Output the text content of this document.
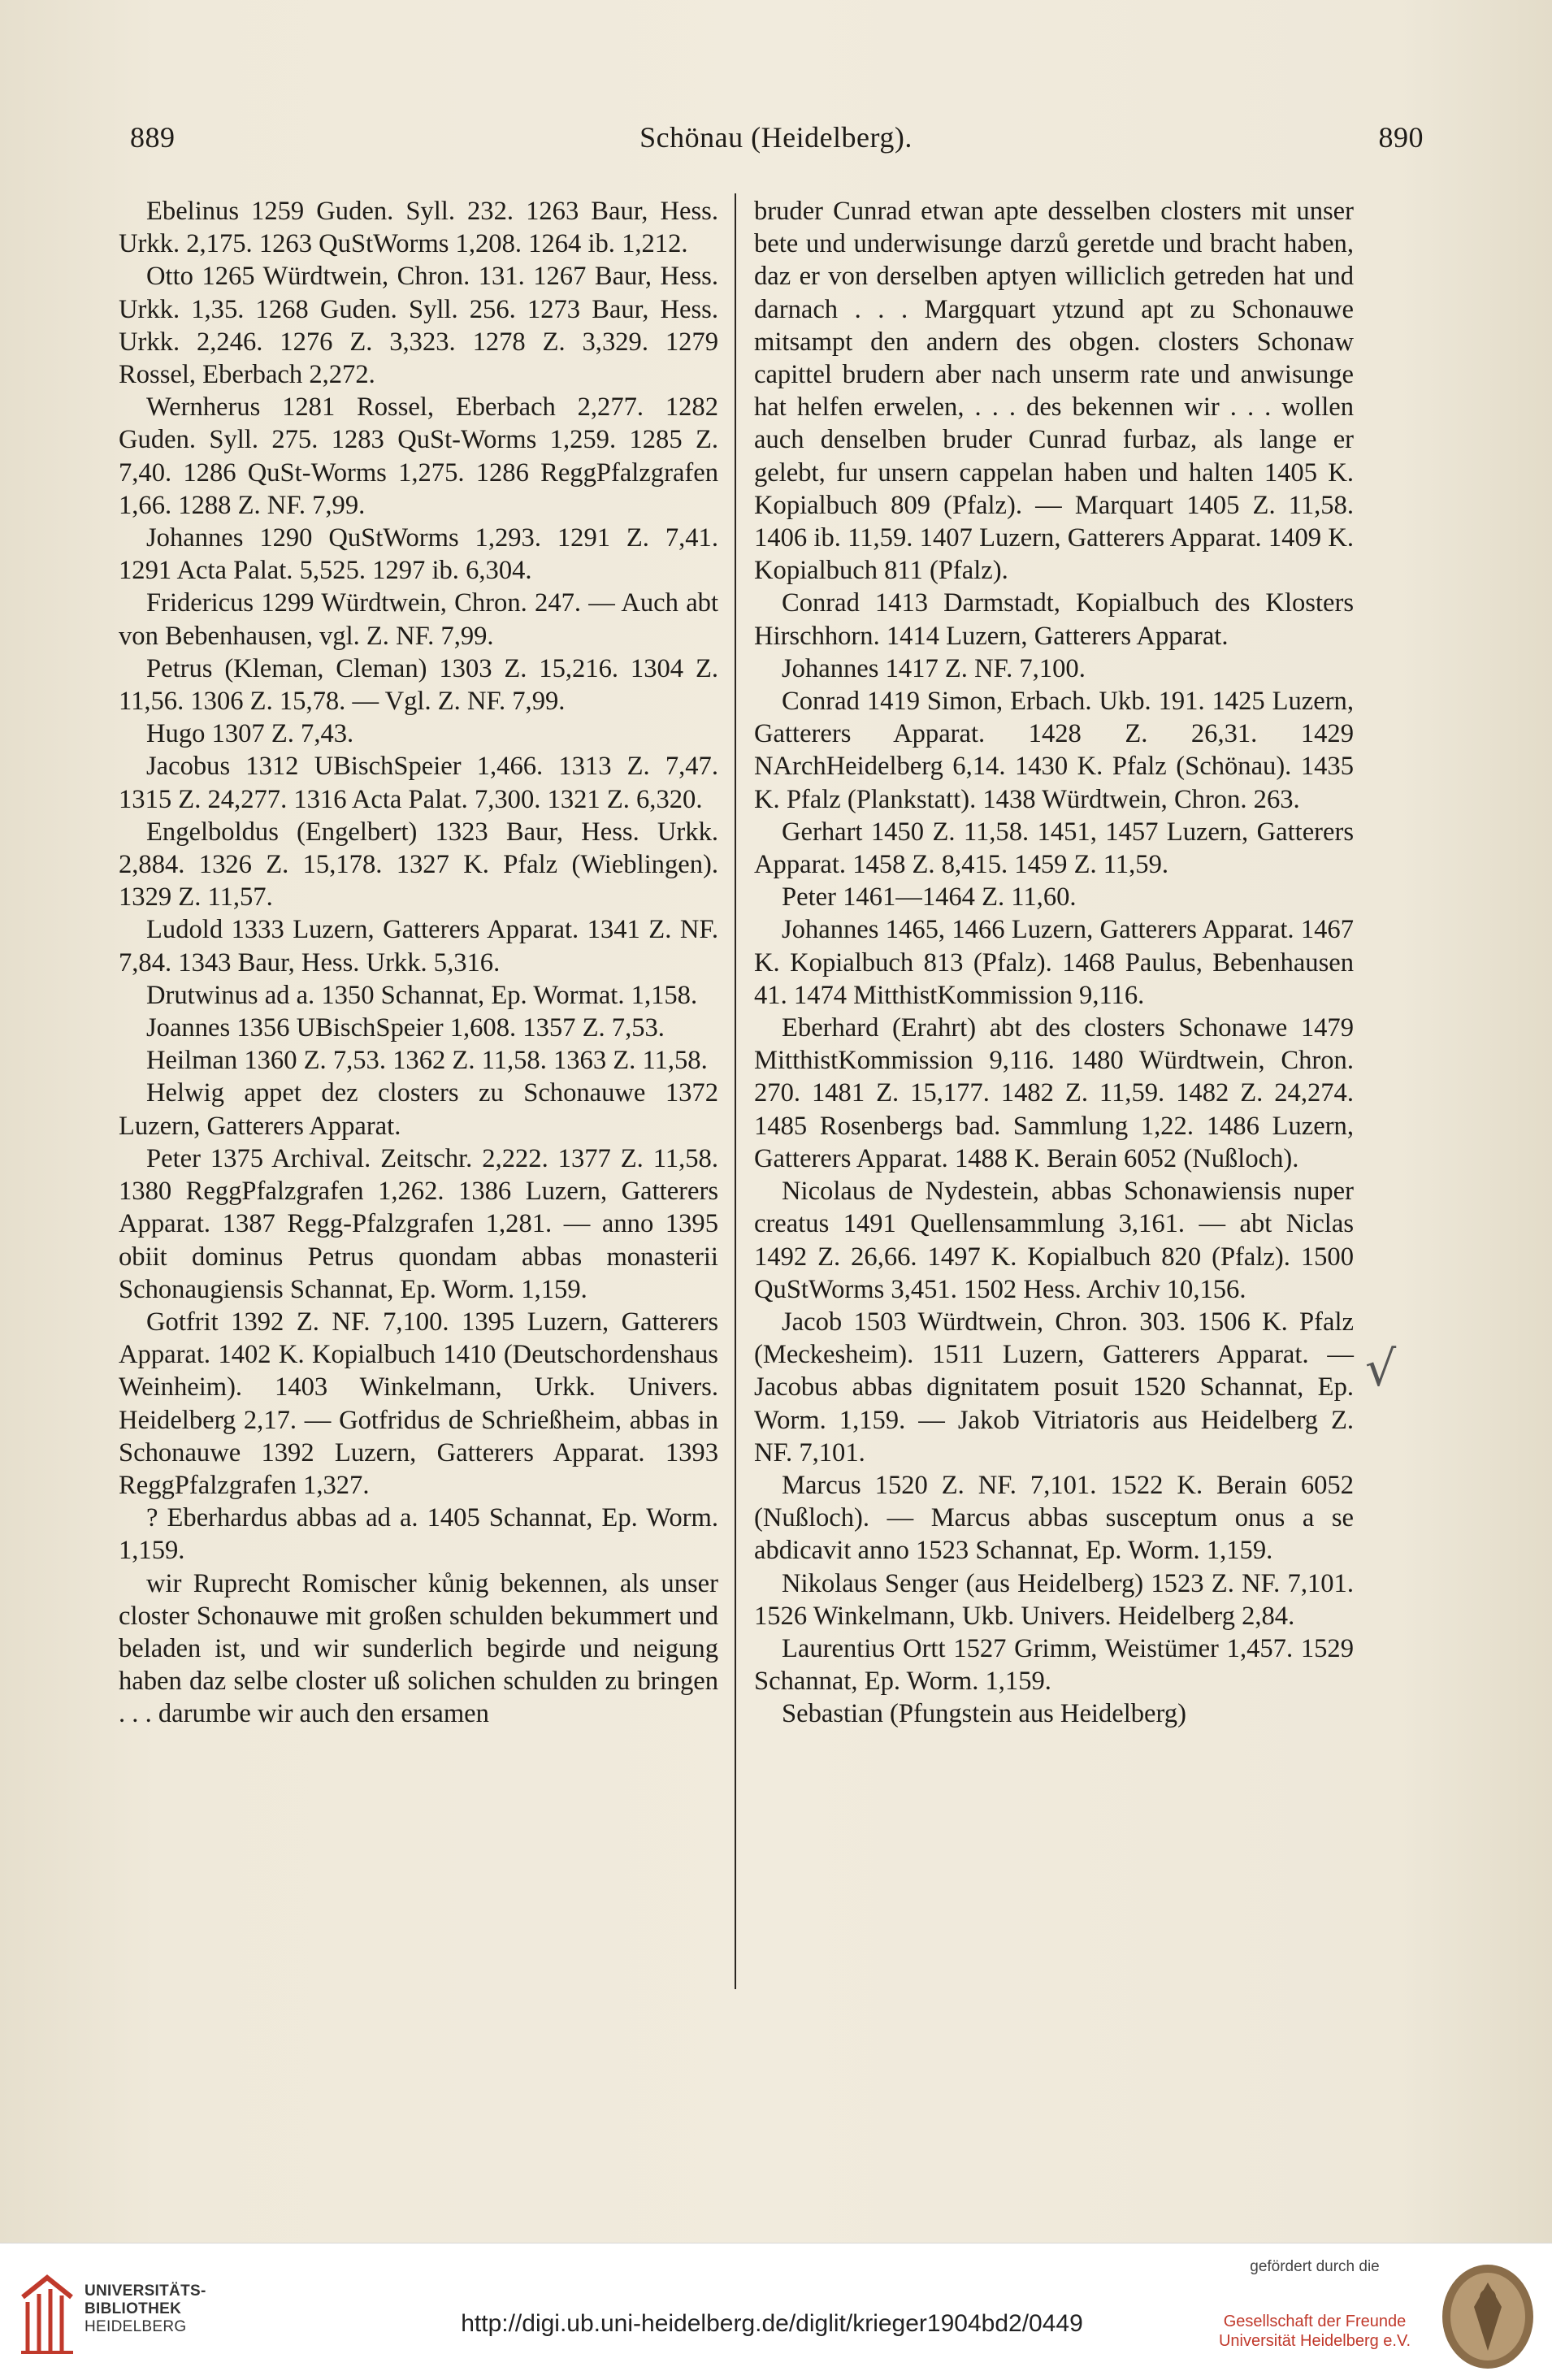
889	Schönau (Heidelberg).	890

Ebelinus 1259 Guden. Syll. 232. 1263 Baur, Hess. Urkk. 2,175. 1263 QuStWorms 1,208. 1264 ib. 1,212.

Otto 1265 Würdtwein, Chron. 131. 1267 Baur, Hess. Urkk. 1,35. 1268 Guden. Syll. 256. 1273 Baur, Hess. Urkk. 2,246. 1276 Z. 3,323. 1278 Z. 3,329. 1279 Rossel, Eberbach 2,272.

Wernherus 1281 Rossel, Eberbach 2,277. 1282 Guden. Syll. 275. 1283 QuSt-Worms 1,259. 1285 Z. 7,40. 1286 QuSt-Worms 1,275. 1286 ReggPfalzgrafen 1,66. 1288 Z. NF. 7,99.

Johannes 1290 QuStWorms 1,293. 1291 Z. 7,41. 1291 Acta Palat. 5,525. 1297 ib. 6,304.

Fridericus 1299 Würdtwein, Chron. 247. — Auch abt von Bebenhausen, vgl. Z. NF. 7,99.

Petrus (Kleman, Cleman) 1303 Z. 15,216. 1304 Z. 11,56. 1306 Z. 15,78. — Vgl. Z. NF. 7,99.

Hugo 1307 Z. 7,43.

Jacobus 1312 UBischSpeier 1,466. 1313 Z. 7,47. 1315 Z. 24,277. 1316 Acta Palat. 7,300. 1321 Z. 6,320.

Engelboldus (Engelbert) 1323 Baur, Hess. Urkk. 2,884. 1326 Z. 15,178. 1327 K. Pfalz (Wieblingen). 1329 Z. 11,57.

Ludold 1333 Luzern, Gatterers Apparat. 1341 Z. NF. 7,84. 1343 Baur, Hess. Urkk. 5,316.

Drutwinus ad a. 1350 Schannat, Ep. Wormat. 1,158.

Joannes 1356 UBischSpeier 1,608. 1357 Z. 7,53.

Heilman 1360 Z. 7,53. 1362 Z. 11,58. 1363 Z. 11,58.

Helwig appet dez closters zu Schonauwe 1372 Luzern, Gatterers Apparat.

Peter 1375 Archival. Zeitschr. 2,222. 1377 Z. 11,58. 1380 ReggPfalzgrafen 1,262. 1386 Luzern, Gatterers Apparat. 1387 Regg-Pfalzgrafen 1,281. — anno 1395 obiit dominus Petrus quondam abbas monasterii Schonaugiensis Schannat, Ep. Worm. 1,159.

Gotfrit 1392 Z. NF. 7,100. 1395 Luzern, Gatterers Apparat. 1402 K. Kopialbuch 1410 (Deutschordenshaus Weinheim). 1403 Winkelmann, Urkk. Univers. Heidelberg 2,17. — Gotfridus de Schrießheim, abbas in Schonauwe 1392 Luzern, Gatterers Apparat. 1393 ReggPfalzgrafen 1,327.

? Eberhardus abbas ad a. 1405 Schannat, Ep. Worm. 1,159.

wir Ruprecht Romischer kůnig bekennen, als unser closter Schonauwe mit großen schulden bekummert und beladen ist, und wir sunderlich begirde und neigung haben daz selbe closter uß solichen schulden zu bringen . . . darumbe wir auch den ersamen

bruder Cunrad etwan apte desselben closters mit unser bete und underwisunge darzů geretde und bracht haben, daz er von derselben aptyen williclich getreden hat und darnach . . . Margquart ytzund apt zu Schonauwe mitsampt den andern des obgen. closters Schonaw capittel brudern aber nach unserm rate und anwisunge hat helfen erwelen, . . . des bekennen wir . . . wollen auch denselben bruder Cunrad furbaz, als lange er gelebt, fur unsern cappelan haben und halten 1405 K. Kopialbuch 809 (Pfalz). — Marquart 1405 Z. 11,58. 1406 ib. 11,59. 1407 Luzern, Gatterers Apparat. 1409 K. Kopialbuch 811 (Pfalz).

Conrad 1413 Darmstadt, Kopialbuch des Klosters Hirschhorn. 1414 Luzern, Gatterers Apparat.

Johannes 1417 Z. NF. 7,100.

Conrad 1419 Simon, Erbach. Ukb. 191. 1425 Luzern, Gatterers Apparat. 1428 Z. 26,31. 1429 NArchHeidelberg 6,14. 1430 K. Pfalz (Schönau). 1435 K. Pfalz (Plankstatt). 1438 Würdtwein, Chron. 263.

Gerhart 1450 Z. 11,58. 1451, 1457 Luzern, Gatterers Apparat. 1458 Z. 8,415. 1459 Z. 11,59.

Peter 1461—1464 Z. 11,60.

Johannes 1465, 1466 Luzern, Gatterers Apparat. 1467 K. Kopialbuch 813 (Pfalz). 1468 Paulus, Bebenhausen 41. 1474 MitthistKommission 9,116.

Eberhard (Erahrt) abt des closters Schonawe 1479 MitthistKommission 9,116. 1480 Würdtwein, Chron. 270. 1481 Z. 15,177. 1482 Z. 11,59. 1482 Z. 24,274. 1485 Rosenbergs bad. Sammlung 1,22. 1486 Luzern, Gatterers Apparat. 1488 K. Berain 6052 (Nußloch).

Nicolaus de Nydestein, abbas Schonawiensis nuper creatus 1491 Quellensammlung 3,161. — abt Niclas 1492 Z. 26,66. 1497 K. Kopialbuch 820 (Pfalz). 1500 QuStWorms 3,451. 1502 Hess. Archiv 10,156.

Jacob 1503 Würdtwein, Chron. 303. 1506 K. Pfalz (Meckesheim). 1511 Luzern, Gatterers Apparat. — Jacobus abbas dignitatem posuit 1520 Schannat, Ep. Worm. 1,159. — Jakob Vitriatoris aus Heidelberg Z. NF. 7,101.

Marcus 1520 Z. NF. 7,101. 1522 K. Berain 6052 (Nußloch). — Marcus abbas susceptum onus a se abdicavit anno 1523 Schannat, Ep. Worm. 1,159.

Nikolaus Senger (aus Heidelberg) 1523 Z. NF. 7,101. 1526 Winkelmann, Ukb. Univers. Heidelberg 2,84.

Laurentius Ortt 1527 Grimm, Weistümer 1,457. 1529 Schannat, Ep. Worm. 1,159.

Sebastian (Pfungstein aus Heidelberg)

√
UNIVERSITÄTS-
BIBLIOTHEK
HEIDELBERG	http://digi.ub.uni-heidelberg.de/diglit/krieger1904bd2/0449
gefördert durch die
Gesellschaft der Freunde
Universität Heidelberg e.V.
